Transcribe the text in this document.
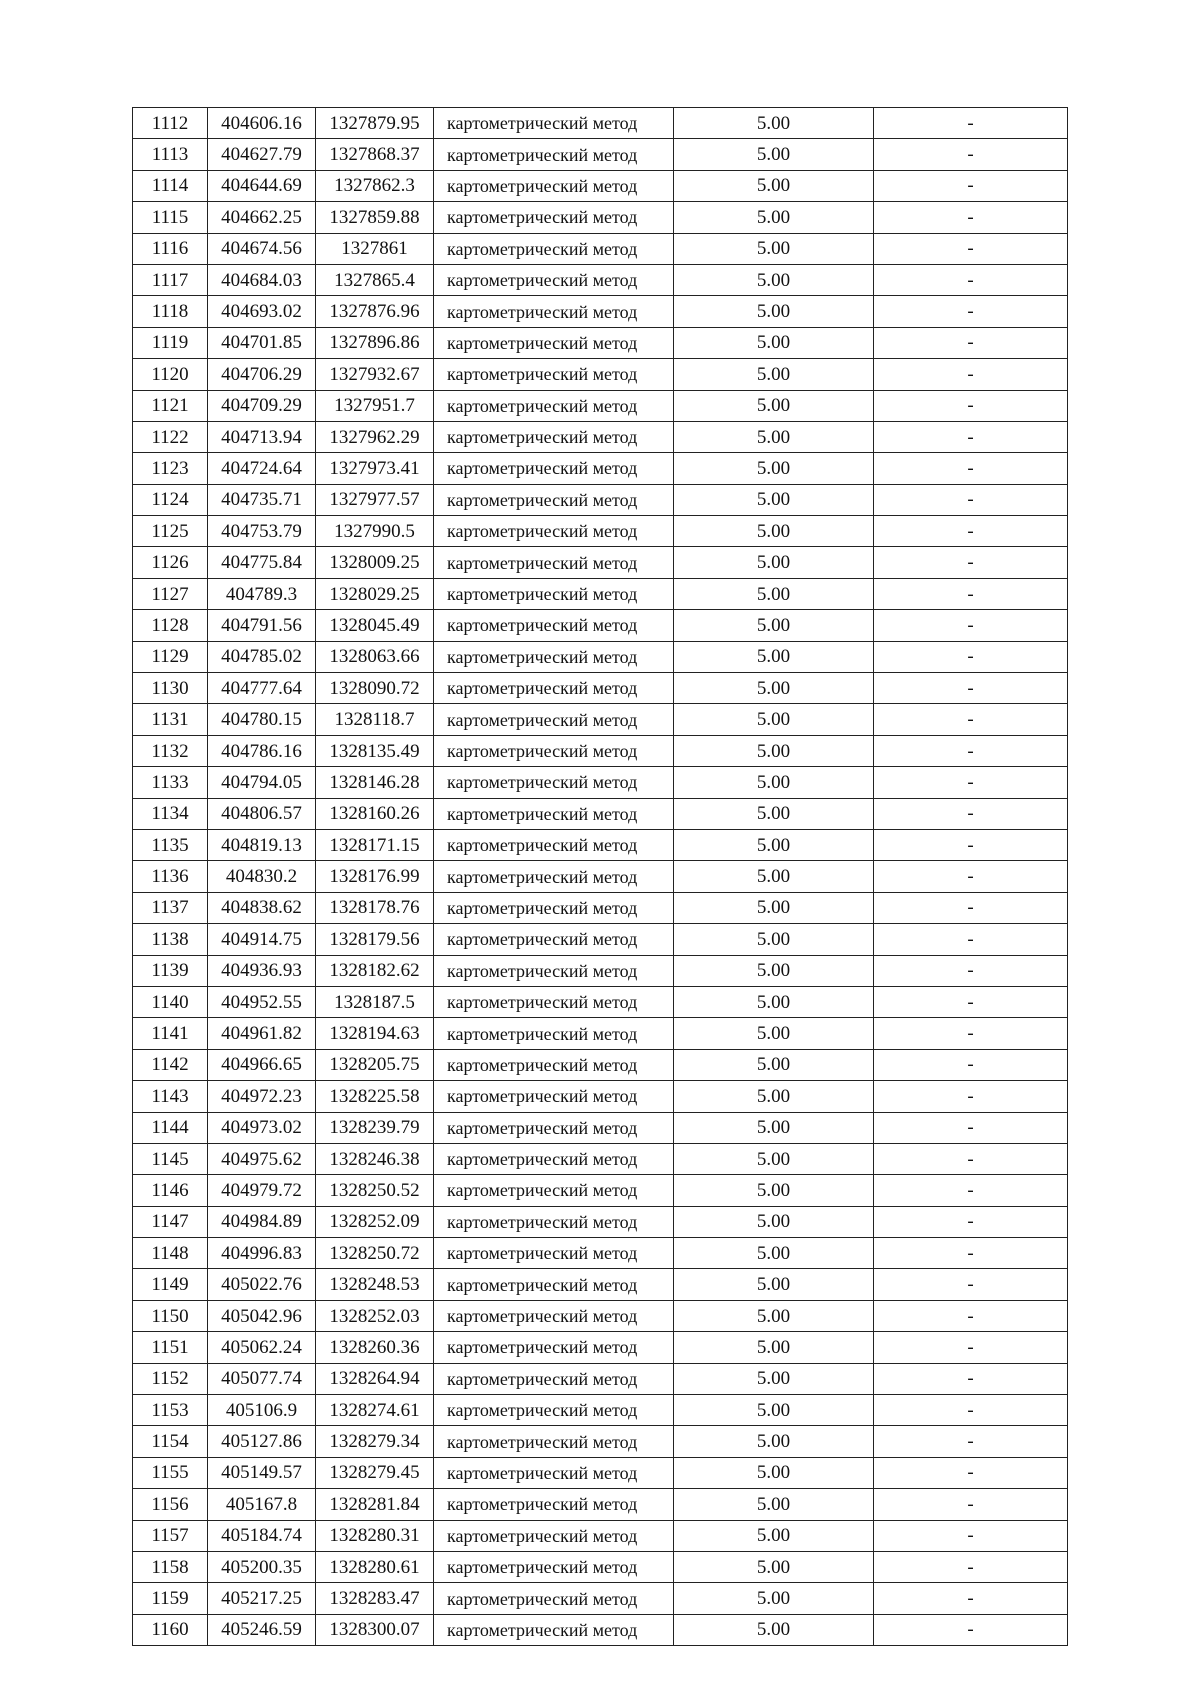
1112	404606.16	1327879.95	картометрический метод	5.00	-
1113	404627.79	1327868.37	картометрический метод	5.00	-
1114	404644.69	1327862.3	картометрический метод	5.00	-
1115	404662.25	1327859.88	картометрический метод	5.00	-
1116	404674.56	1327861	картометрический метод	5.00	-
1117	404684.03	1327865.4	картометрический метод	5.00	-
1118	404693.02	1327876.96	картометрический метод	5.00	-
1119	404701.85	1327896.86	картометрический метод	5.00	-
1120	404706.29	1327932.67	картометрический метод	5.00	-
1121	404709.29	1327951.7	картометрический метод	5.00	-
1122	404713.94	1327962.29	картометрический метод	5.00	-
1123	404724.64	1327973.41	картометрический метод	5.00	-
1124	404735.71	1327977.57	картометрический метод	5.00	-
1125	404753.79	1327990.5	картометрический метод	5.00	-
1126	404775.84	1328009.25	картометрический метод	5.00	-
1127	404789.3	1328029.25	картометрический метод	5.00	-
1128	404791.56	1328045.49	картометрический метод	5.00	-
1129	404785.02	1328063.66	картометрический метод	5.00	-
1130	404777.64	1328090.72	картометрический метод	5.00	-
1131	404780.15	1328118.7	картометрический метод	5.00	-
1132	404786.16	1328135.49	картометрический метод	5.00	-
1133	404794.05	1328146.28	картометрический метод	5.00	-
1134	404806.57	1328160.26	картометрический метод	5.00	-
1135	404819.13	1328171.15	картометрический метод	5.00	-
1136	404830.2	1328176.99	картометрический метод	5.00	-
1137	404838.62	1328178.76	картометрический метод	5.00	-
1138	404914.75	1328179.56	картометрический метод	5.00	-
1139	404936.93	1328182.62	картометрический метод	5.00	-
1140	404952.55	1328187.5	картометрический метод	5.00	-
1141	404961.82	1328194.63	картометрический метод	5.00	-
1142	404966.65	1328205.75	картометрический метод	5.00	-
1143	404972.23	1328225.58	картометрический метод	5.00	-
1144	404973.02	1328239.79	картометрический метод	5.00	-
1145	404975.62	1328246.38	картометрический метод	5.00	-
1146	404979.72	1328250.52	картометрический метод	5.00	-
1147	404984.89	1328252.09	картометрический метод	5.00	-
1148	404996.83	1328250.72	картометрический метод	5.00	-
1149	405022.76	1328248.53	картометрический метод	5.00	-
1150	405042.96	1328252.03	картометрический метод	5.00	-
1151	405062.24	1328260.36	картометрический метод	5.00	-
1152	405077.74	1328264.94	картометрический метод	5.00	-
1153	405106.9	1328274.61	картометрический метод	5.00	-
1154	405127.86	1328279.34	картометрический метод	5.00	-
1155	405149.57	1328279.45	картометрический метод	5.00	-
1156	405167.8	1328281.84	картометрический метод	5.00	-
1157	405184.74	1328280.31	картометрический метод	5.00	-
1158	405200.35	1328280.61	картометрический метод	5.00	-
1159	405217.25	1328283.47	картометрический метод	5.00	-
1160	405246.59	1328300.07	картометрический метод	5.00	-
